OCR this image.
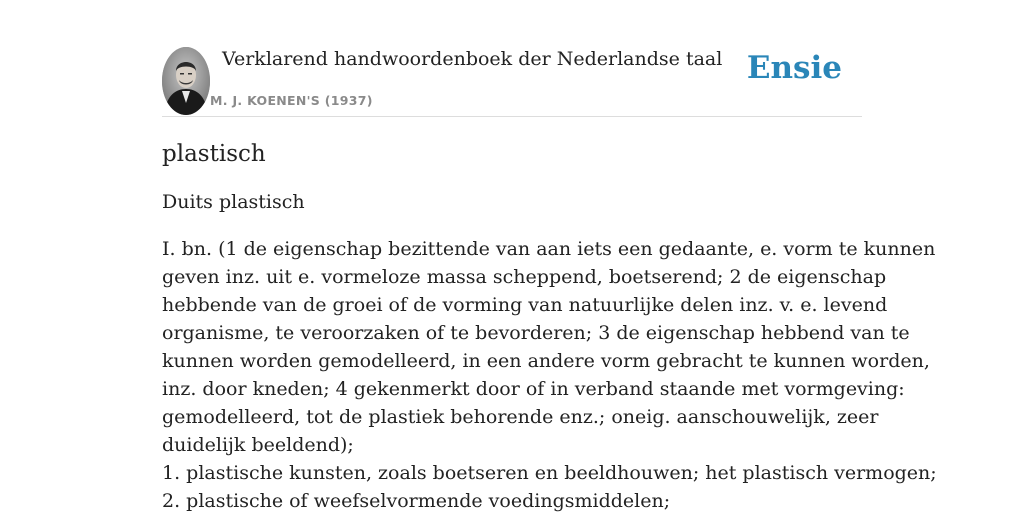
Verklarend handwoordenboek der Nederlandse taal
M. J. KOENEN'S (1937)
Ensie
plastisch

Duits plastisch

I. bn. (1 de eigenschap bezittende van aan iets een gedaante, e. vorm te kunnen
geven inz. uit e. vormeloze massa scheppend, boetserend; 2 de eigenschap
hebbende van de groei of de vorming van natuurlijke delen inz. v. e. levend
organisme, te veroorzaken of te bevorderen; 3 de eigenschap hebbend van te
kunnen worden gemodelleerd, in een andere vorm gebracht te kunnen worden,
inz. door kneden; 4 gekenmerkt door of in verband staande met vormgeving:
gemodelleerd, tot de plastiek behorende enz.; oneig. aanschouwelijk, zeer
duidelijk beeldend);
1. plastische kunsten, zoals boetseren en beeldhouwen; het plastisch vermogen;
2. plastische of weefselvormende voedingsmiddelen;
